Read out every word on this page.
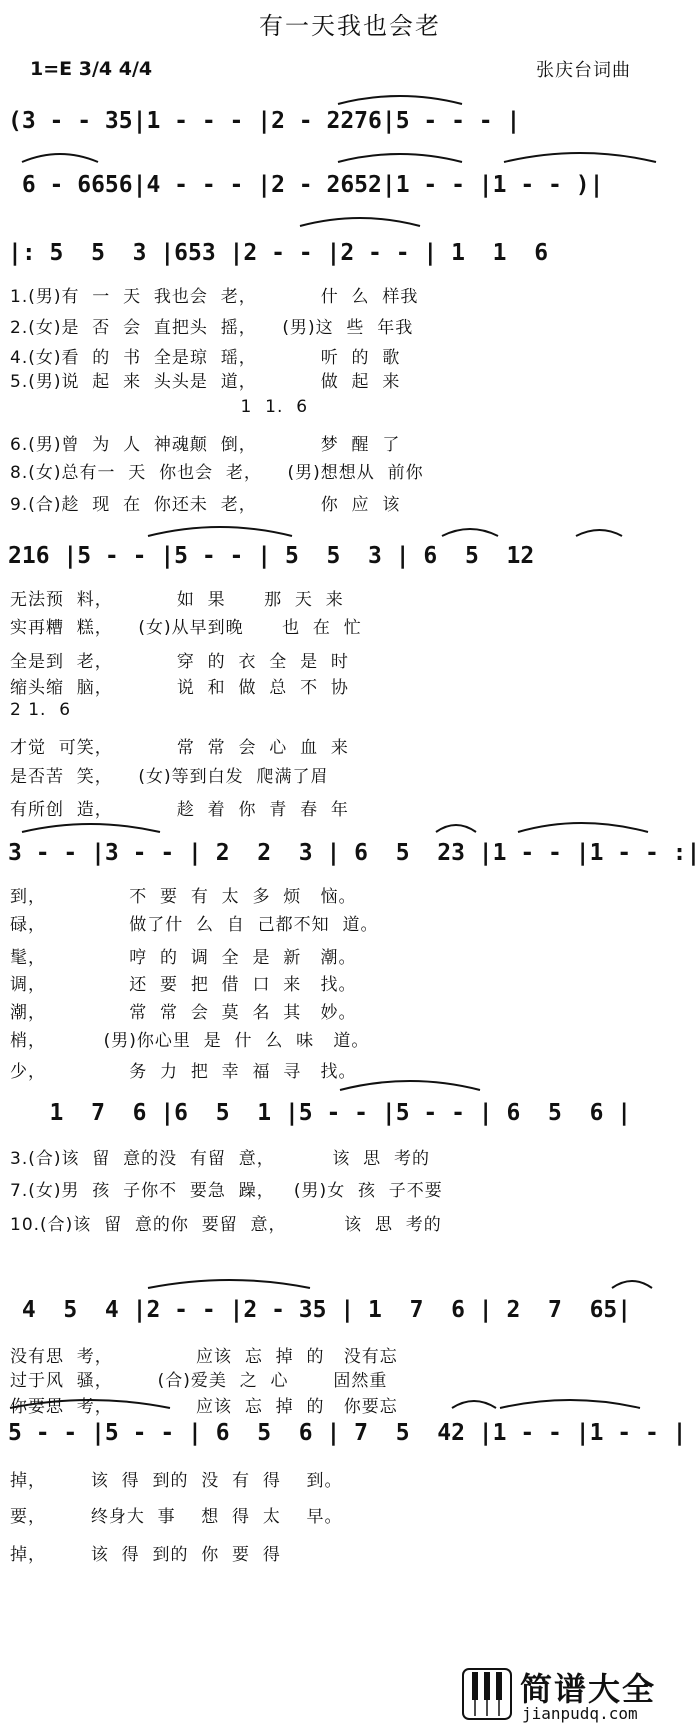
有一天我也会老
1=E 3/4 4/4	张庆台词曲
(3 - - 35|1 - - - |2 - 2276|5 - - - |
6 - 6656|4 - - - |2 - 2652|1 - - |1 - - )|
|: 5  5  3 |653 |2 - - |2 - - | 1  1  6
1.(男)有  一  天  我也会  老，          什  么  样我
2.(女)是  否  会  直把头  摇，    (男)这  些  年我
4.(女)看  的  书  全是琼  瑶，          听  的  歌
5.(男)说  起  来  头头是  道，          做  起  来
1  1.  6
6.(男)曾  为  人  神魂颠  倒，          梦  醒  了
8.(女)总有一  天  你也会  老，    (男)想想从  前你
9.(合)趁  现  在  你还未  老，          你  应  该
216 |5 - - |5 - - | 5  5  3 | 6  5  12
无法预  料，          如  果      那  天  来
实再糟  糕，    (女)从早到晚      也  在  忙
全是到  老，          穿  的  衣  全  是  时
缩头缩  脑，          说  和  做  总  不  协
2 1.  6
才觉  可笑，          常  常  会  心  血  来
是否苦  笑，    (女)等到白发  爬满了眉
有所创  造，          趁  着  你  青  春  年
3 - - |3 - - | 2  2  3 | 6  5  23 |1 - - |1 - - :|
到，             不  要  有  太  多  烦   恼。
碌，             做了什  么  自  己都不知  道。
髦，             哼  的  调  全  是  新   潮。
调，             还  要  把  借  口  来   找。
潮，             常  常  会  莫  名  其   妙。
梢，         (男)你心里  是  什  么  味   道。
少，             务  力  把  幸  福  寻   找。
1  7  6 |6  5  1 |5 - - |5 - - | 6  5  6 |
3.(合)该  留  意的没  有留  意，         该  思  考的
7.(女)男  孩  子你不  要急  躁，   (男)女  孩  子不要
10.(合)该  留  意的你  要留  意，         该  思  考的
4  5  4 |2 - - |2 - 35 | 1  7  6 | 2  7  65|
没有思  考，             应该  忘  掉  的   没有忘
过于风  骚，       (合)爱美  之  心       固然重
你要思  考，             应该  忘  掉  的   你要忘
5 - - |5 - - | 6  5  6 | 7  5  42 |1 - - |1 - - |
掉，       该  得  到的  没  有  得    到。
要，       终身大  事    想  得  太    早。
掉，       该  得  到的  你  要  得
简谱大全
jianpudq.com
